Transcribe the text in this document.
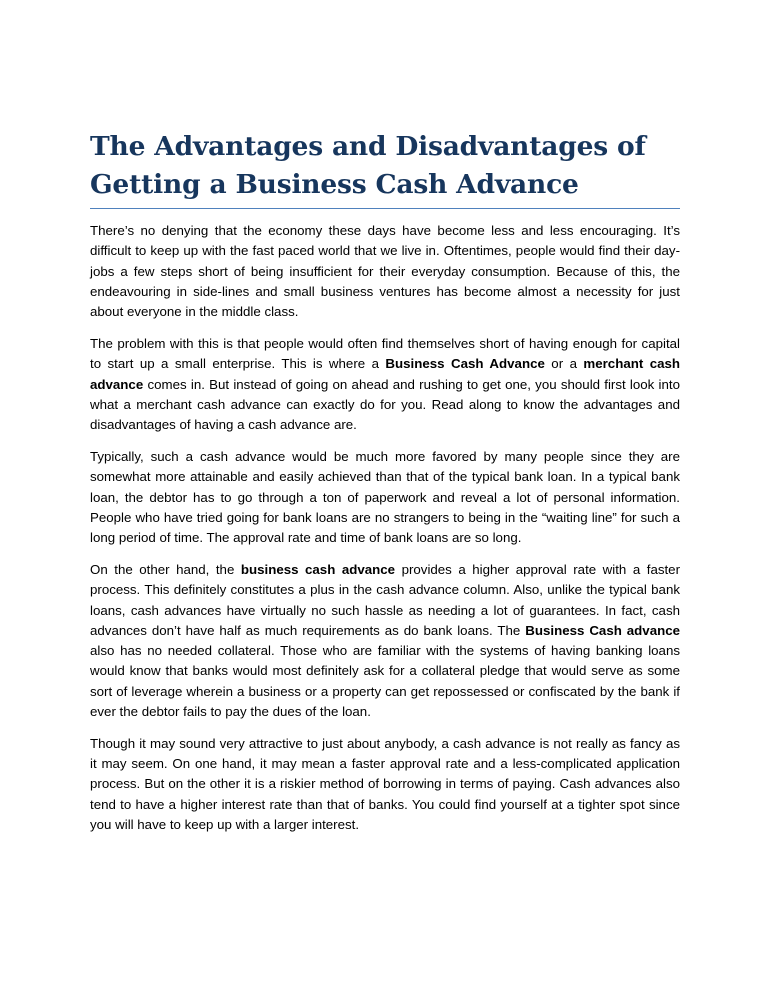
The Advantages and Disadvantages of
Getting a Business Cash Advance

There’s no denying that the economy these days have become less and less encouraging. It’s difficult to keep up with the fast paced world that we live in. Oftentimes, people would find their day-jobs a few steps short of being insufficient for their everyday consumption. Because of this, the endeavouring in side-lines and small business ventures has become almost a necessity for just about everyone in the middle class.

The problem with this is that people would often find themselves short of having enough for capital to start up a small enterprise. This is where a Business Cash Advance or a merchant cash advance comes in. But instead of going on ahead and rushing to get one, you should first look into what a merchant cash advance can exactly do for you. Read along to know the advantages and disadvantages of having a cash advance are.

Typically, such a cash advance would be much more favored by many people since they are somewhat more attainable and easily achieved than that of the typical bank loan. In a typical bank loan, the debtor has to go through a ton of paperwork and reveal a lot of personal information. People who have tried going for bank loans are no strangers to being in the “waiting line” for such a long period of time. The approval rate and time of bank loans are so long.

On the other hand, the business cash advance provides a higher approval rate with a faster process. This definitely constitutes a plus in the cash advance column. Also, unlike the typical bank loans, cash advances have virtually no such hassle as needing a lot of guarantees. In fact, cash advances don’t have half as much requirements as do bank loans. The Business Cash advance also has no needed collateral. Those who are familiar with the systems of having banking loans would know that banks would most definitely ask for a collateral pledge that would serve as some sort of leverage wherein a business or a property can get repossessed or confiscated by the bank if ever the debtor fails to pay the dues of the loan.

Though it may sound very attractive to just about anybody, a cash advance is not really as fancy as it may seem. On one hand, it may mean a faster approval rate and a less-complicated application process. But on the other it is a riskier method of borrowing in terms of paying. Cash advances also tend to have a higher interest rate than that of banks. You could find yourself at a tighter spot since you will have to keep up with a larger interest.
